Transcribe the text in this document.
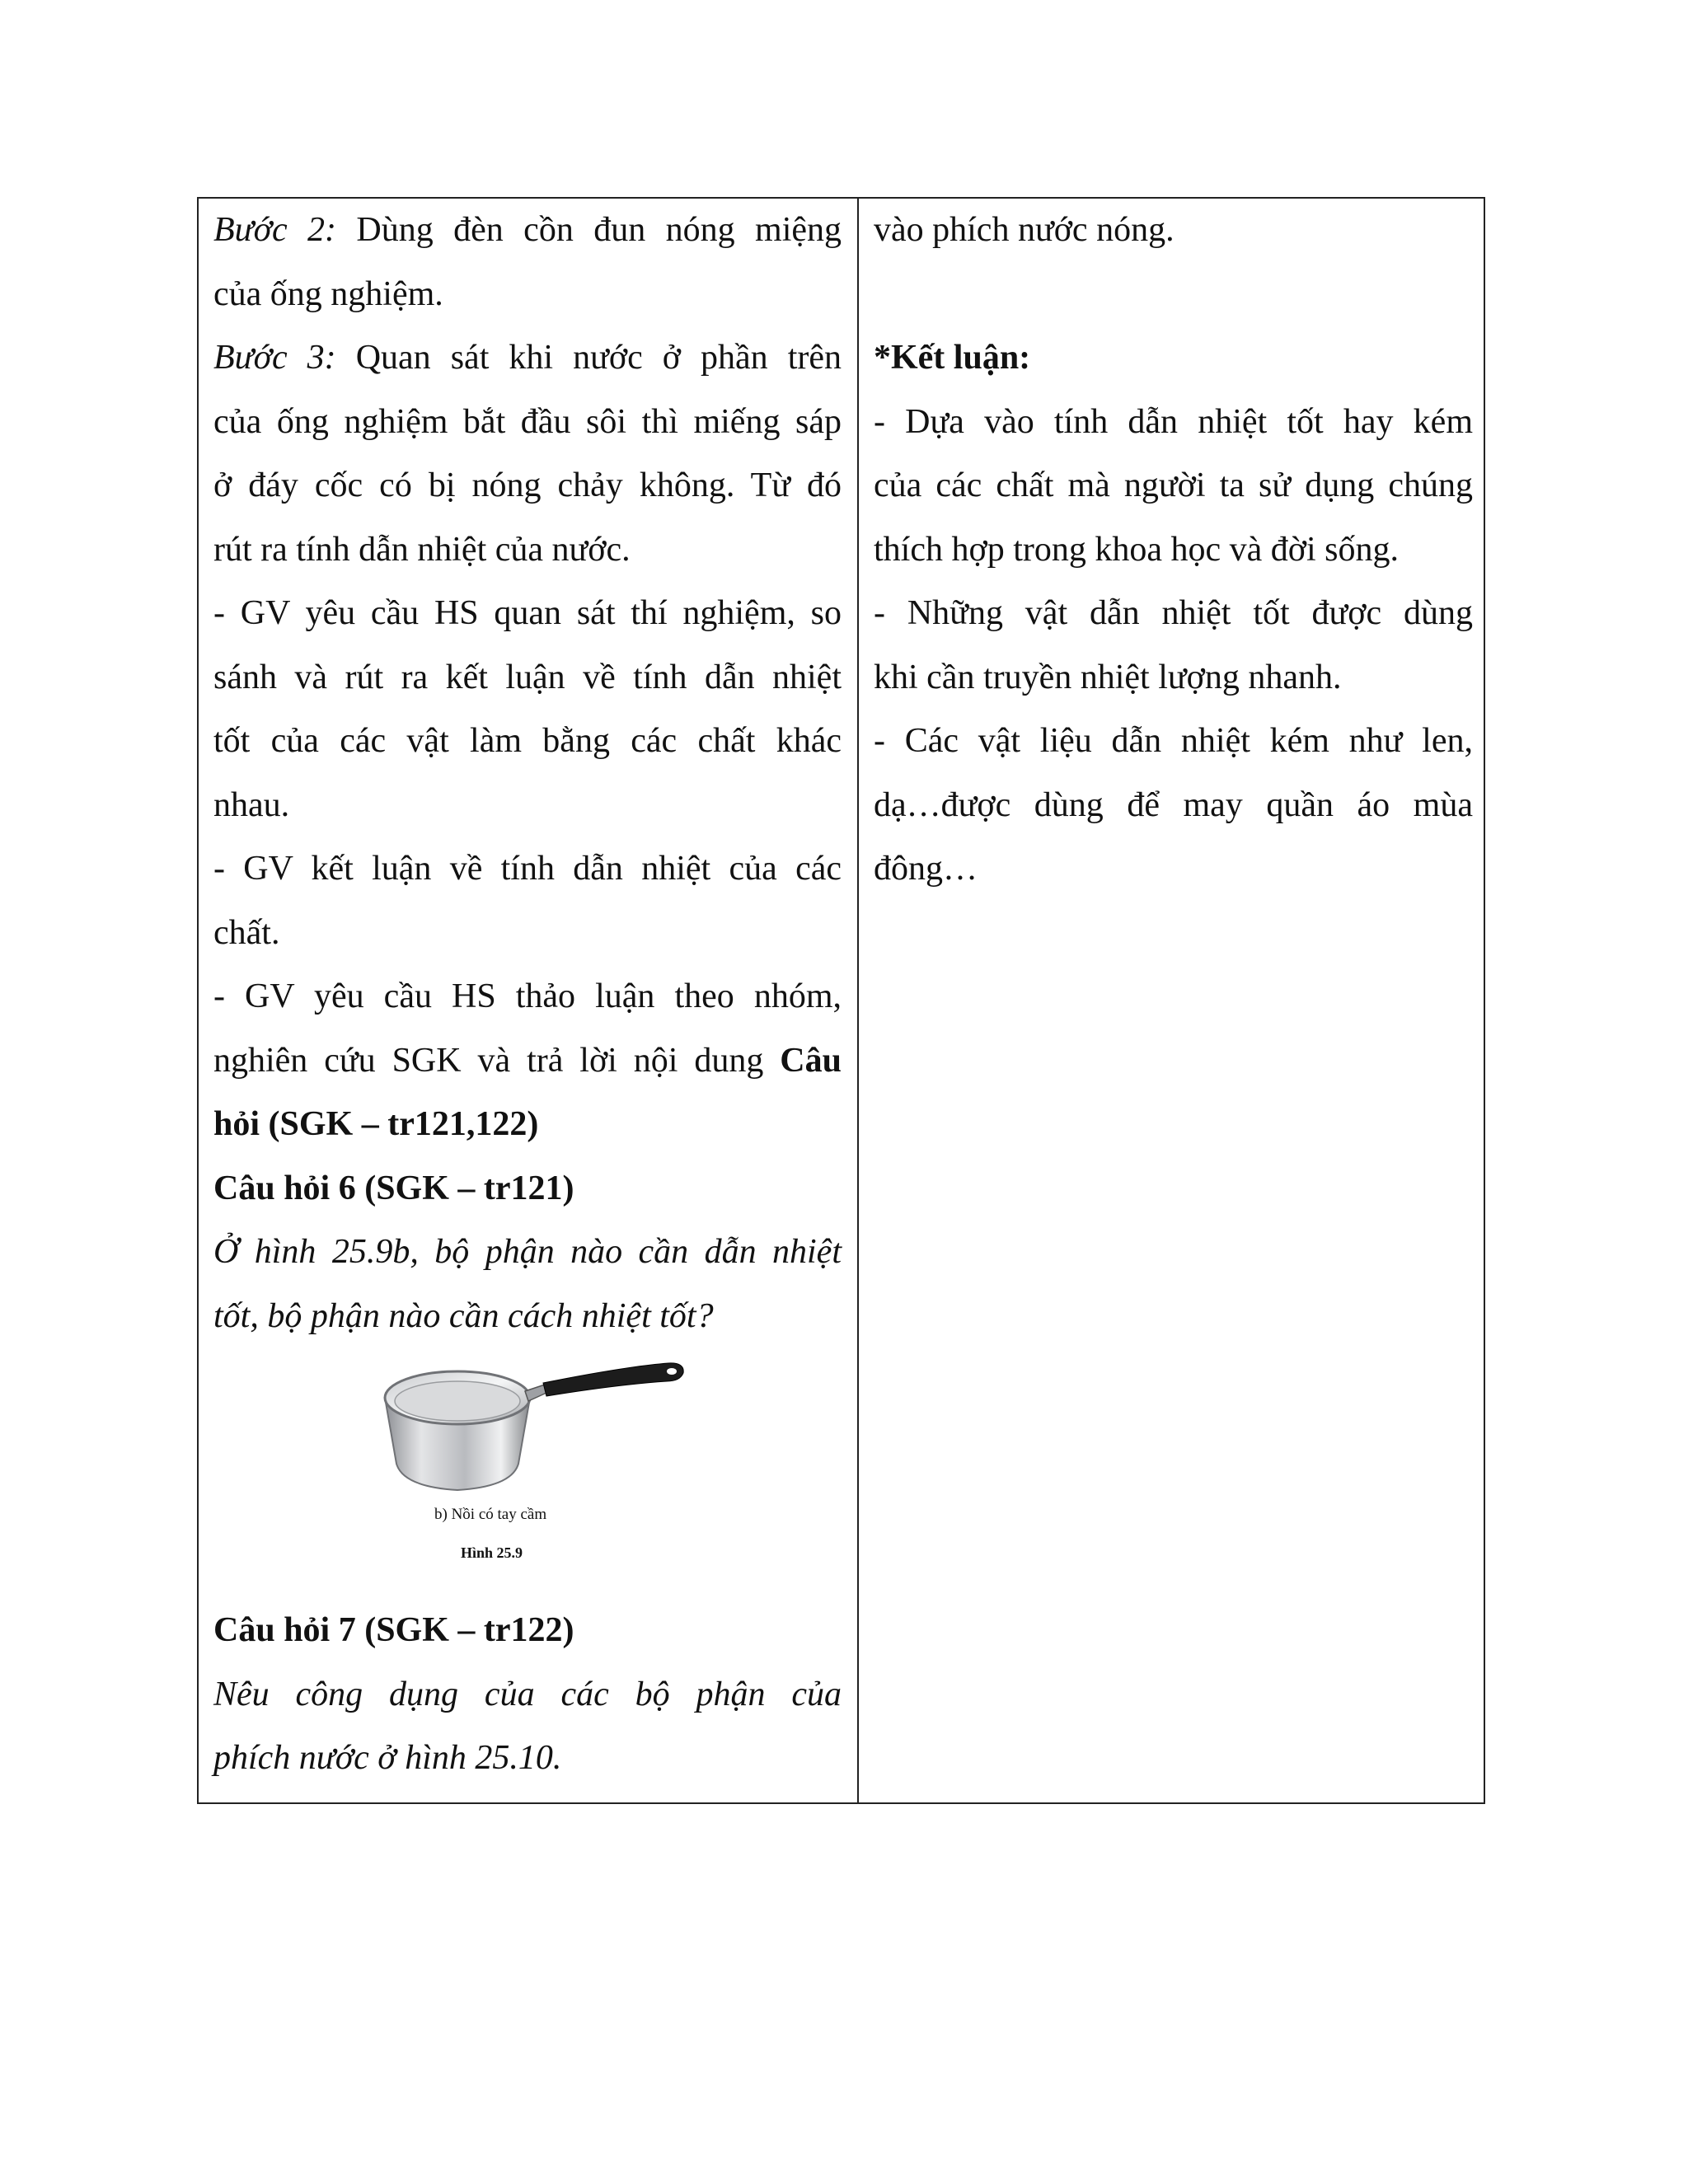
Bước 2: Dùng đèn cồn đun nóng miệng
của ống nghiệm.
Bước 3: Quan sát khi nước ở phần trên
của ống nghiệm bắt đầu sôi thì miếng sáp
ở đáy cốc có bị nóng chảy không. Từ đó
rút ra tính dẫn nhiệt của nước.
- GV yêu cầu HS quan sát thí nghiệm, so
sánh và rút ra kết luận về tính dẫn nhiệt
tốt của các vật làm bằng các chất khác
nhau.
- GV kết luận về tính dẫn nhiệt của các
chất.
- GV yêu cầu HS thảo luận theo nhóm,
nghiên cứu SGK và trả lời nội dung Câu
hỏi (SGK – tr121,122)
Câu hỏi 6 (SGK – tr121)
Ở hình 25.9b, bộ phận nào cần dẫn nhiệt
tốt, bộ phận nào cần cách nhiệt tốt?
b) Nồi có tay cầm
Hình 25.9
Câu hỏi 7 (SGK – tr122)
Nêu công dụng của các bộ phận của
phích nước ở hình 25.10.
vào phích nước nóng.
*Kết luận:
- Dựa vào tính dẫn nhiệt tốt hay kém
của các chất mà người ta sử dụng chúng
thích hợp trong khoa học và đời sống.
- Những vật dẫn nhiệt tốt được dùng
khi cần truyền nhiệt lượng nhanh.
- Các vật liệu dẫn nhiệt kém như len,
dạ…được dùng để may quần áo mùa
đông…
